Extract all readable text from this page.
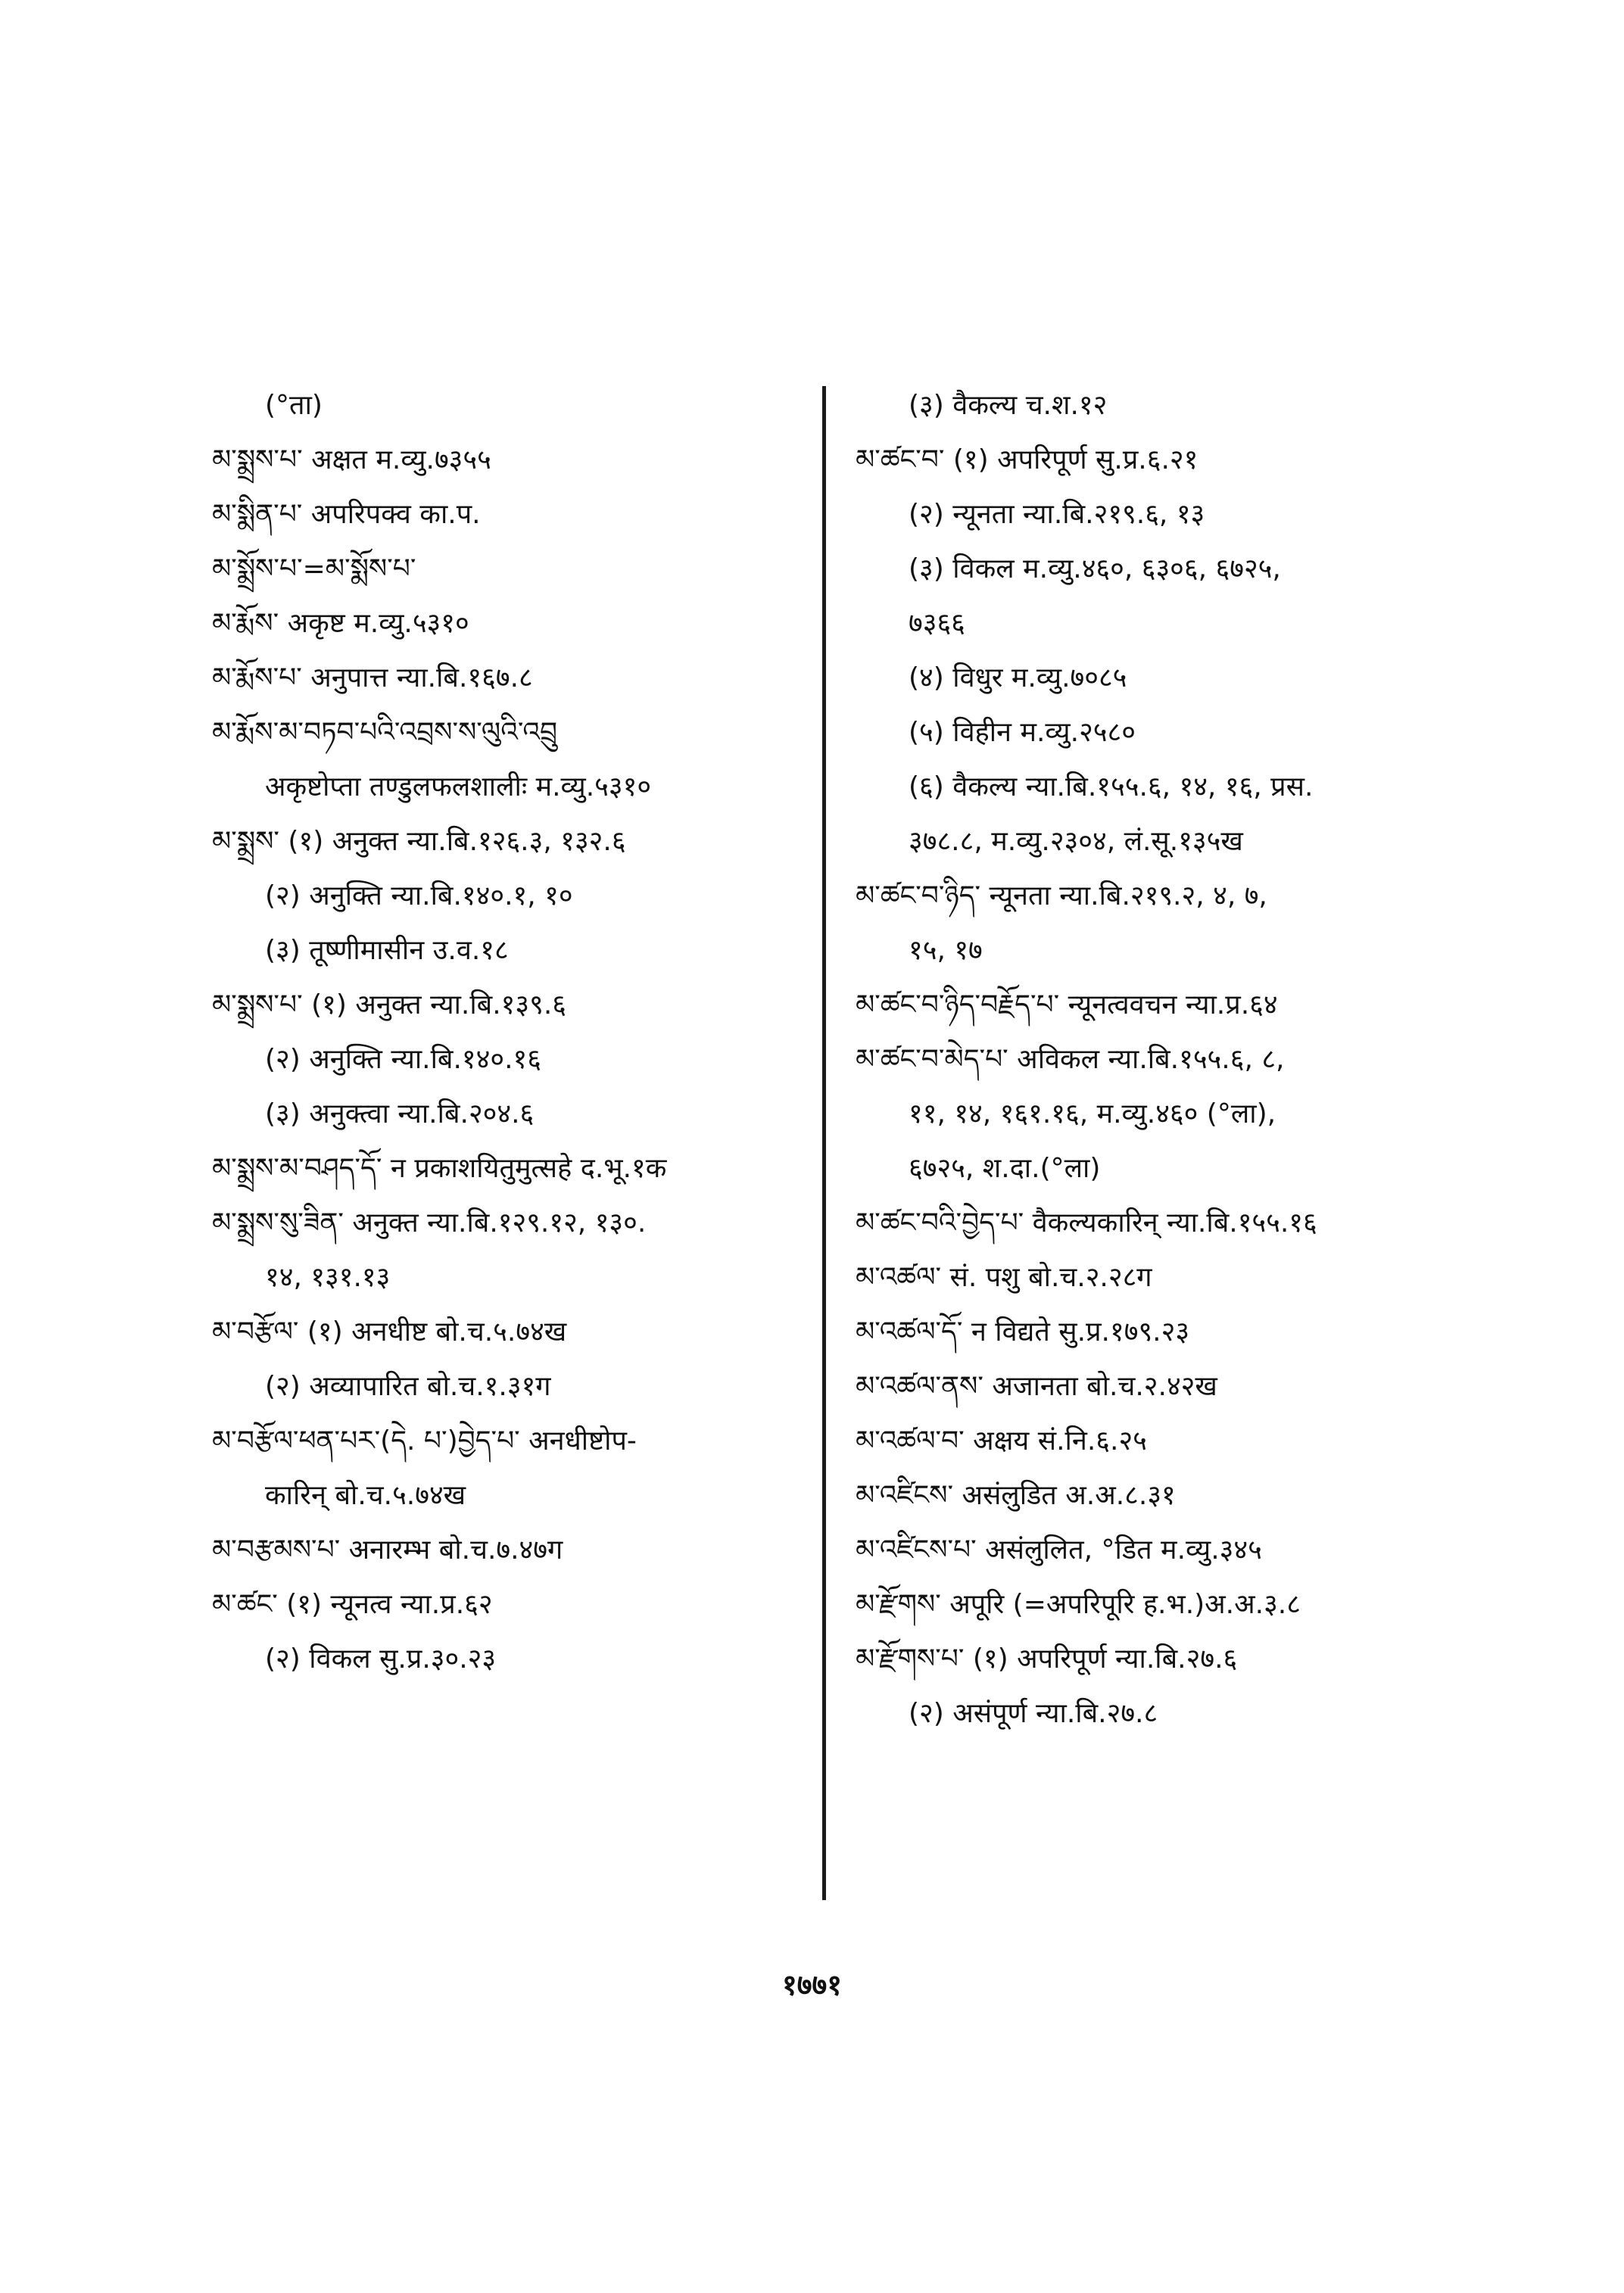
(°ता)
མ་སྨྲས་པ་ अक्षत म.व्यु.७३५५
མ་སྨིན་པ་ अपरिपक्व का.प.
མ་སྨྲོས་པ་=མ་སྨོས་པ་
མ་རྨོས་ अकृष्ट म.व्यु.५३१०
མ་རྨོས་པ་ अनुपात्त न्या.बि.१६७.८
མ་རྨོས་མ་བཏབ་པའི་འབྲས་ས་ལུའི་འབྲུ
अकृष्टोप्ता तण्डुलफलशालीः म.व्यु.५३१०
མ་སྨྲས་ (१) अनुक्त न्या.बि.१२६.३, १३२.६
(२) अनुक्ति न्या.बि.१४०.१, १०
(३) तूष्णीमासीन उ.व.१८
མ་སྨྲས་པ་ (१) अनुक्त न्या.बि.१३९.६
(२) अनुक्ति न्या.बि.१४०.१६
(३) अनुक्त्वा न्या.बि.२०४.६
མ་སྨྲས་མ་བཤད་དོ་ न प्रकाशयितुमुत्सहे द.भू.१क
མ་སྨྲས་སུ་ཟིན་ अनुक्त न्या.बि.१२९.१२, १३०.
१४, १३१.१३
མ་བརྩོལ་ (१) अनधीष्ट बो.च.५.७४ख
(२) अव्यापारित बो.च.१.३१ग
མ་བརྩོལ་ཕན་པར་(དེ. པ་)བྱེད་པ་ अनधीष्टोप-
कारिन् बो.च.५.७४ख
མ་བརྩམས་པ་ अनारम्भ बो.च.७.४७ग
མ་ཚང་ (१) न्यूनत्व न्या.प्र.६२
(२) विकल सु.प्र.३०.२३
(३) वैकल्य च.श.१२
མ་ཚང་བ་ (१) अपरिपूर्ण सु.प्र.६.२१
(२) न्यूनता न्या.बि.२१९.६, १३
(३) विकल म.व्यु.४६०, ६३०६, ६७२५,
७३६६
(४) विधुर म.व्यु.७०८५
(५) विहीन म.व्यु.२५८०
(६) वैकल्य न्या.बि.१५५.६, १४, १६, प्रस.
३७८.८, म.व्यु.२३०४, लं.सू.१३५ख
མ་ཚང་བ་ཉིད་ न्यूनता न्या.बि.२१९.२, ४, ७,
१५, १७
མ་ཚང་བ་ཉིད་བརྗོད་པ་ न्यूनत्ववचन न्या.प्र.६४
མ་ཚང་བ་མེད་པ་ अविकल न्या.बि.१५५.६, ८,
११, १४, १६१.१६, म.व्यु.४६० (°ला),
६७२५, श.दा.(°ला)
མ་ཚང་བའི་བྱེད་པ་ वैकल्यकारिन् न्या.बि.१५५.१६
མ་འཚལ་ सं. पशु बो.च.२.२८ग
མ་འཚལ་དོ་ न विद्यते सु.प्र.१७९.२३
མ་འཚལ་ནས་ अजानता बो.च.२.४२ख
མ་འཚལ་བ་ अक्षय सं.नि.६.२५
མ་འཛིངས་ असंलुडित अ.अ.८.३१
མ་འཛིངས་པ་ असंलुलित, °डित म.व्यु.३४५
མ་རྫོགས་ अपूरि (=अपरिपूरि ह.भ.)अ.अ.३.८
མ་རྫོགས་པ་ (१) अपरिपूर्ण न्या.बि.२७.६
(२) असंपूर्ण न्या.बि.२७.८
१७७१
